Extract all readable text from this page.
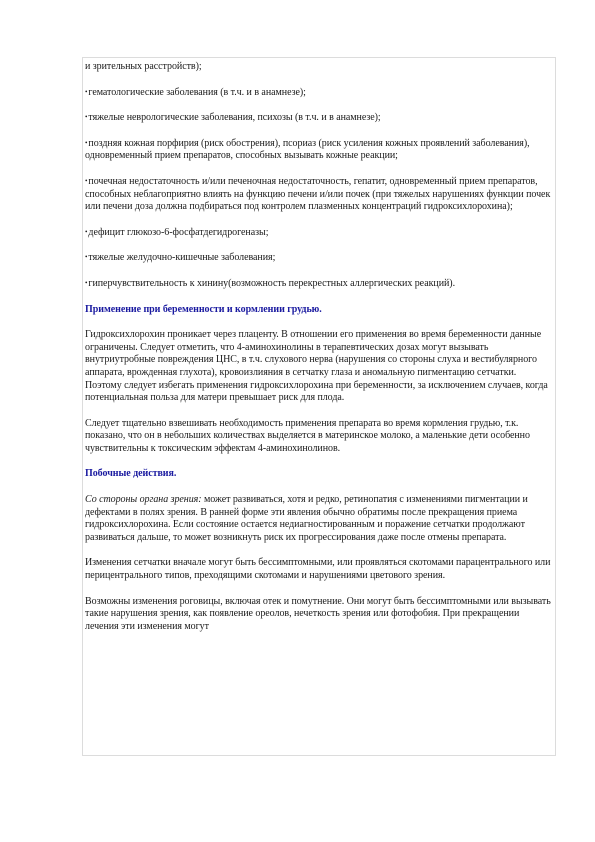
и зрительных расстройств);

• гематологические заболевания (в т.ч. и в анамнезе);

• тяжелые неврологические заболевания, психозы (в т.ч. и в анамнезе);

• поздняя кожная порфирия (риск обострения), псориаз (риск усиления кожных проявлений заболевания), одновременный прием препаратов, способных вызывать кожные реакции;

• почечная недостаточность и/или печеночная недостаточность, гепатит, одновременный прием препаратов, способных неблагоприятно влиять на функцию печени и/или почек (при тяжелых нарушениях функции почек или печени доза должна подбираться под контролем плазменных концентраций гидроксихлорохина);

• дефицит глюкозо-6-фосфатдегидрогеназы;

• тяжелые желудочно-кишечные заболевания;

• гиперчувствительность к хинину(возможность перекрестных аллергических реакций).

Применение при беременности и кормлении грудью.

Гидроксихлорохин проникает через плаценту. В отношении его применения во время беременности данные ограничены. Следует отметить, что 4-аминохинолины в терапевтических дозах могут вызывать внутриутробные повреждения ЦНС, в т.ч. слухового нерва (нарушения со стороны слуха и вестибулярного аппарата, врожденная глухота), кровоизлияния в сетчатку глаза и аномальную пигментацию сетчатки. Поэтому следует избегать применения гидроксихлорохина при беременности, за исключением случаев, когда потенциальная польза для матери превышает риск для плода.

Следует тщательно взвешивать необходимость применения препарата во время кормления грудью, т.к. показано, что он в небольших количествах выделяется в материнское молоко, а маленькие дети особенно чувствительны к токсическим эффектам 4-аминохинолинов.

Побочные действия.

Со стороны органа зрения: может развиваться, хотя и редко, ретинопатия с изменениями пигментации и дефектами в полях зрения. В ранней форме эти явления обычно обратимы после прекращения приема гидроксихлорохина. Если состояние остается недиагностированным и поражение сетчатки продолжают развиваться дальше, то может возникнуть риск их прогрессирования даже после отмены препарата.

Изменения сетчатки вначале могут быть бессимптомными, или проявляться скотомами парацентрального или перицентрального типов, преходящими скотомами и нарушениями цветового зрения.

Возможны изменения роговицы, включая отек и помутнение. Они могут быть бессимптомными или вызывать такие нарушения зрения, как появление ореолов, нечеткость зрения или фотофобия. При прекращении лечения эти изменения могут
